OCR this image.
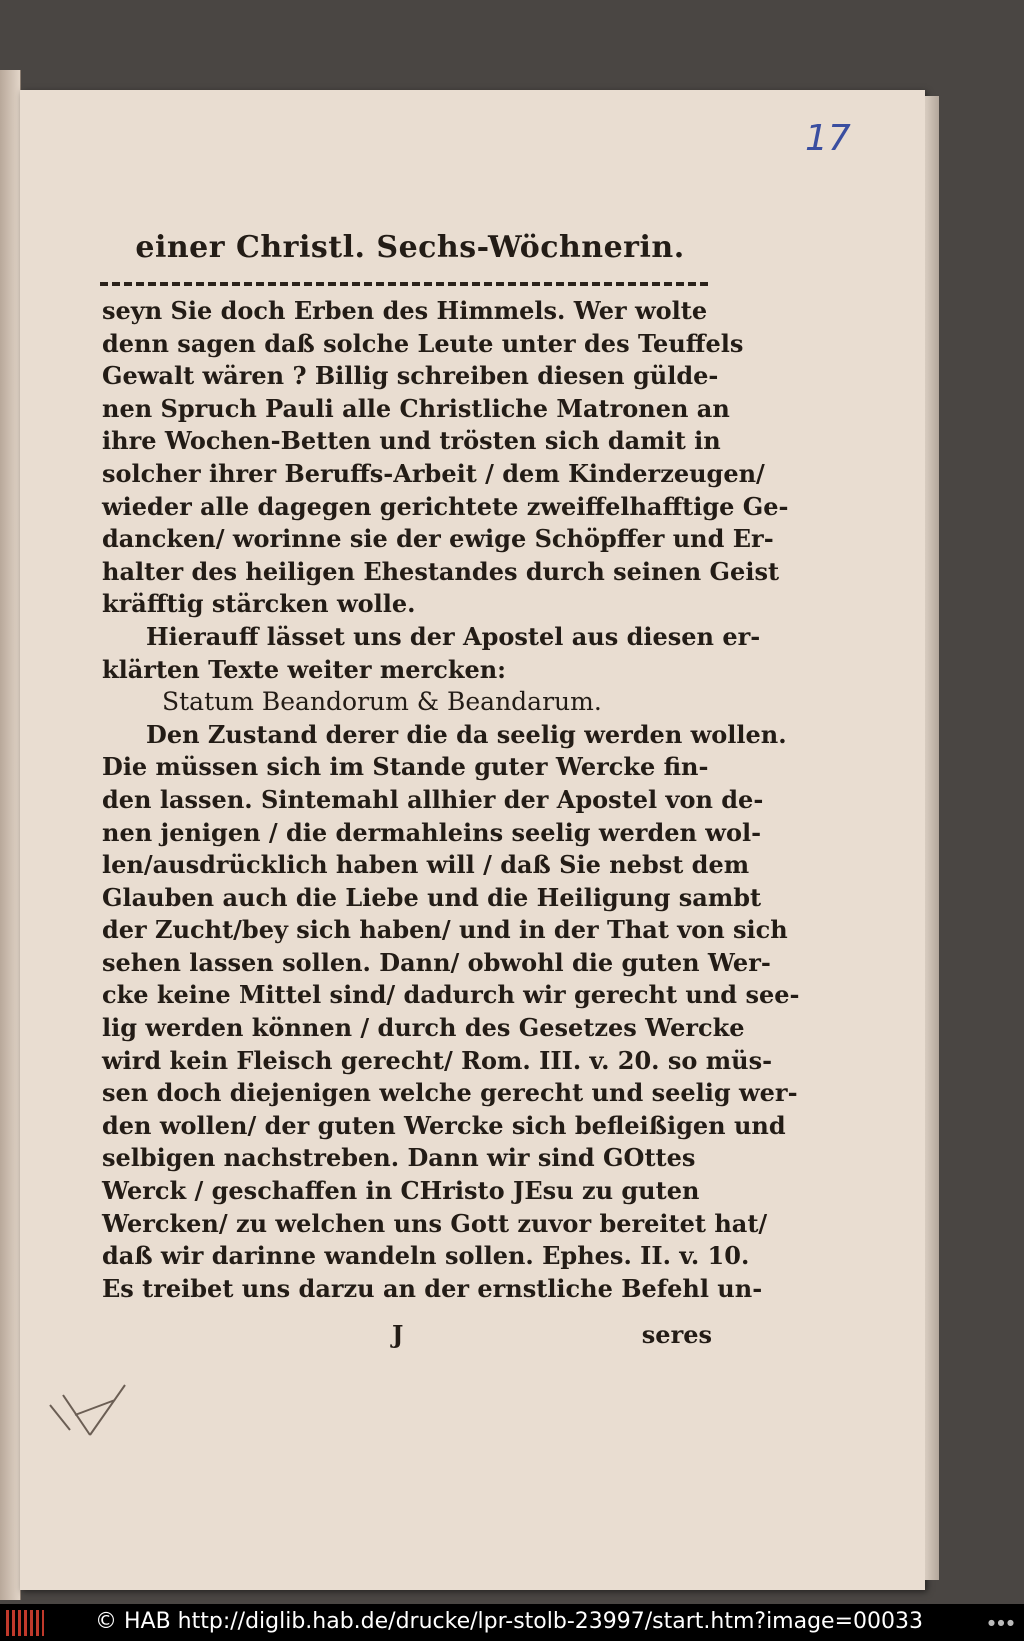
17
einer Christl. Sechs-Wöchnerin.
seyn Sie doch Erben des Himmels. Wer wolte
denn sagen daß solche Leute unter des Teuffels
Gewalt wären ? Billig schreiben diesen gülde-
nen Spruch Pauli alle Christliche Matronen an
ihre Wochen-Betten und trösten sich damit in
solcher ihrer Beruffs-Arbeit / dem Kinderzeugen/
wieder alle dagegen gerichtete zweiffelhafftige Ge-
dancken/ worinne sie der ewige Schöpffer und Er-
halter des heiligen Ehestandes durch seinen Geist
kräfftig stärcken wolle.
Hierauff lässet uns der Apostel aus diesen er-
klärten Texte weiter mercken:
Statum Beandorum & Beandarum.
Den Zustand derer die da seelig werden wollen.
Die müssen sich im Stande guter Wercke fin-
den lassen. Sintemahl allhier der Apostel von de-
nen jenigen / die dermahleins seelig werden wol-
len/ausdrücklich haben will / daß Sie nebst dem
Glauben auch die Liebe und die Heiligung sambt
der Zucht/bey sich haben/ und in der That von sich
sehen lassen sollen. Dann/ obwohl die guten Wer-
cke keine Mittel sind/ dadurch wir gerecht und see-
lig werden können / durch des Gesetzes Wercke
wird kein Fleisch gerecht/ Rom. III. v. 20. so müs-
sen doch diejenigen welche gerecht und seelig wer-
den wollen/ der guten Wercke sich befleißigen und
selbigen nachstreben. Dann wir sind GOttes
Werck / geschaffen in CHristo JEsu zu guten
Wercken/ zu welchen uns Gott zuvor bereitet hat/
daß wir darinne wandeln sollen. Ephes. II. v. 10.
Es treibet uns darzu an der ernstliche Befehl un-
J	seres
© HAB http://diglib.hab.de/drucke/lpr-stolb-23997/start.htm?image=00033	● ● ●
